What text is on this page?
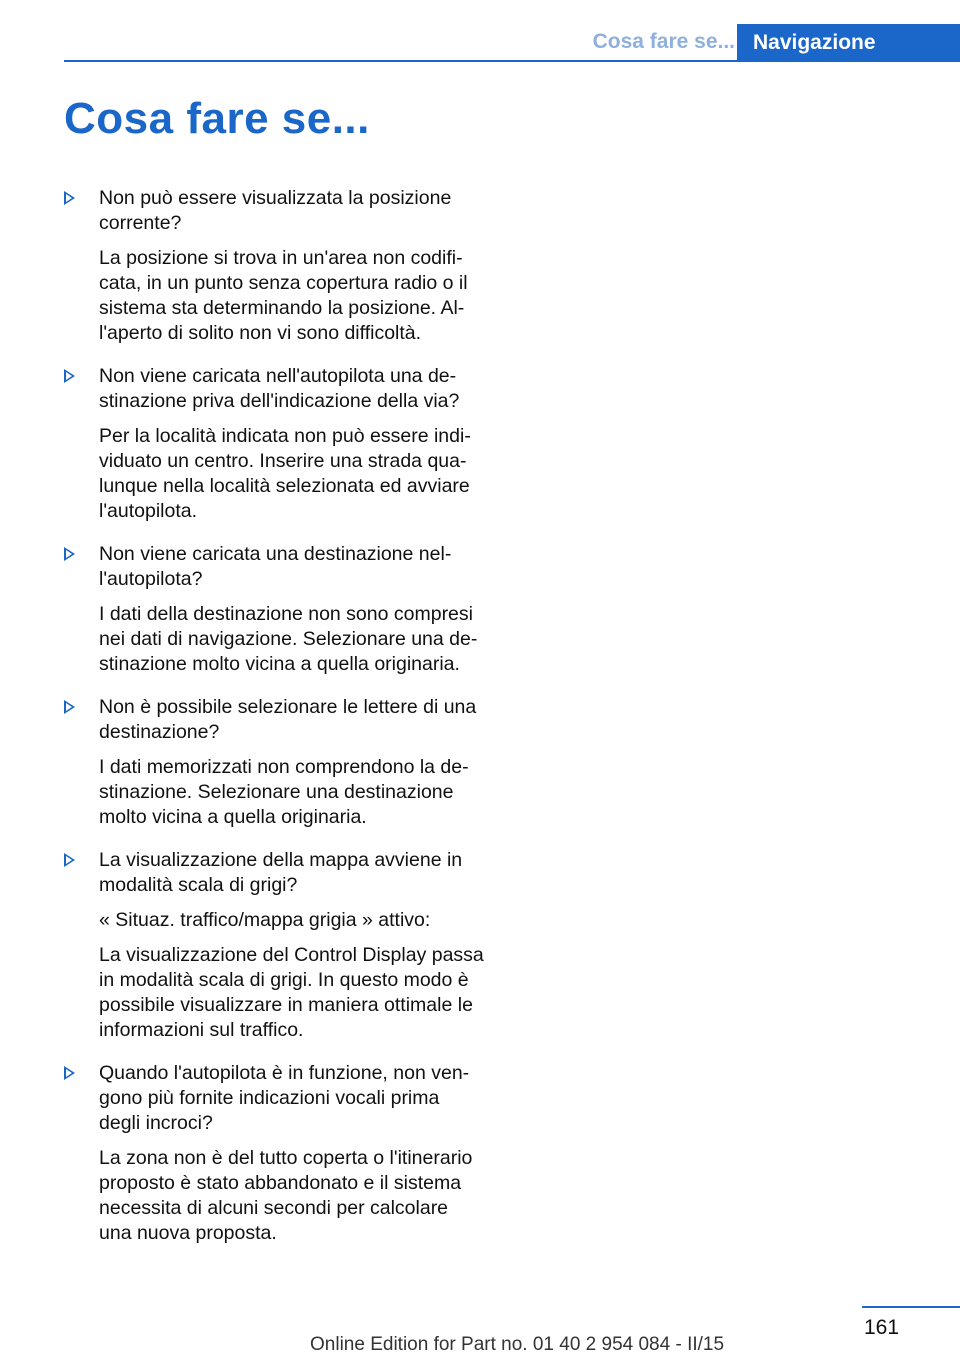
Cosa fare se... Navigazione
Cosa fare se...

Non può essere visualizzata la posizione corrente?

La posizione si trova in un'area non codificata, in un punto senza copertura radio o il sistema sta determinando la posizione. All'aperto di solito non vi sono difficoltà.

Non viene caricata nell'autopilota una destinazione priva dell'indicazione della via?

Per la località indicata non può essere individuato un centro. Inserire una strada qualunque nella località selezionata ed avviare l'autopilota.

Non viene caricata una destinazione nell'autopilota?

I dati della destinazione non sono compresi nei dati di navigazione. Selezionare una destinazione molto vicina a quella originaria.

Non è possibile selezionare le lettere di una destinazione?

I dati memorizzati non comprendono la destinazione. Selezionare una destinazione molto vicina a quella originaria.

La visualizzazione della mappa avviene in modalità scala di grigi?

« Situaz. traffico/mappa grigia » attivo:

La visualizzazione del Control Display passa in modalità scala di grigi. In questo modo è possibile visualizzare in maniera ottimale le informazioni sul traffico.

Quando l'autopilota è in funzione, non vengono più fornite indicazioni vocali prima degli incroci?

La zona non è del tutto coperta o l'itinerario proposto è stato abbandonato e il sistema necessita di alcuni secondi per calcolare una nuova proposta.

161
Online Edition for Part no. 01 40 2 954 084 - II/15
